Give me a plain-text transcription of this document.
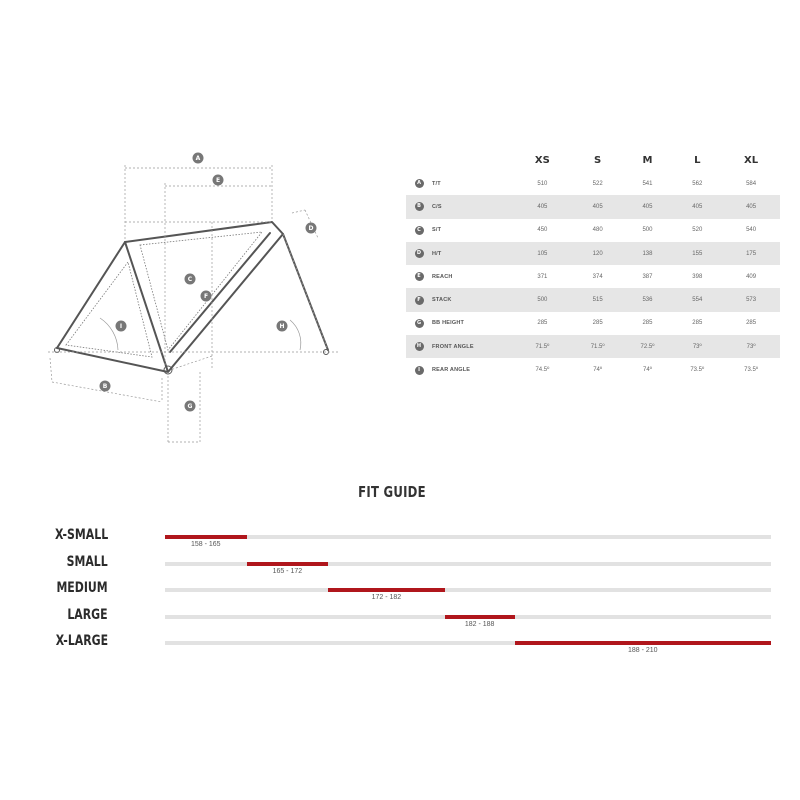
A
E
D
C
F
I	H
B
G
		XS	S	M	L	XL
A	T/T	510	522	541	562	584
B	C/S	405	405	405	405	405
C	S/T	450	480	500	520	540
D	H/T	105	120	138	155	175
E	REACH	371	374	387	398	409
F	STACK	500	515	536	554	573
G	BB HEIGHT	285	285	285	285	285
H	FRONT ANGLE	71.5º	71.5º	72.5º	73º	73º
I	REAR ANGLE	74.5º	74º	74º	73.5º	73.5º
FIT GUIDE
X-SMALL
158 - 165
SMALL
165 - 172
MEDIUM
172 - 182
LARGE
182 - 188
X-LARGE
188 - 210
